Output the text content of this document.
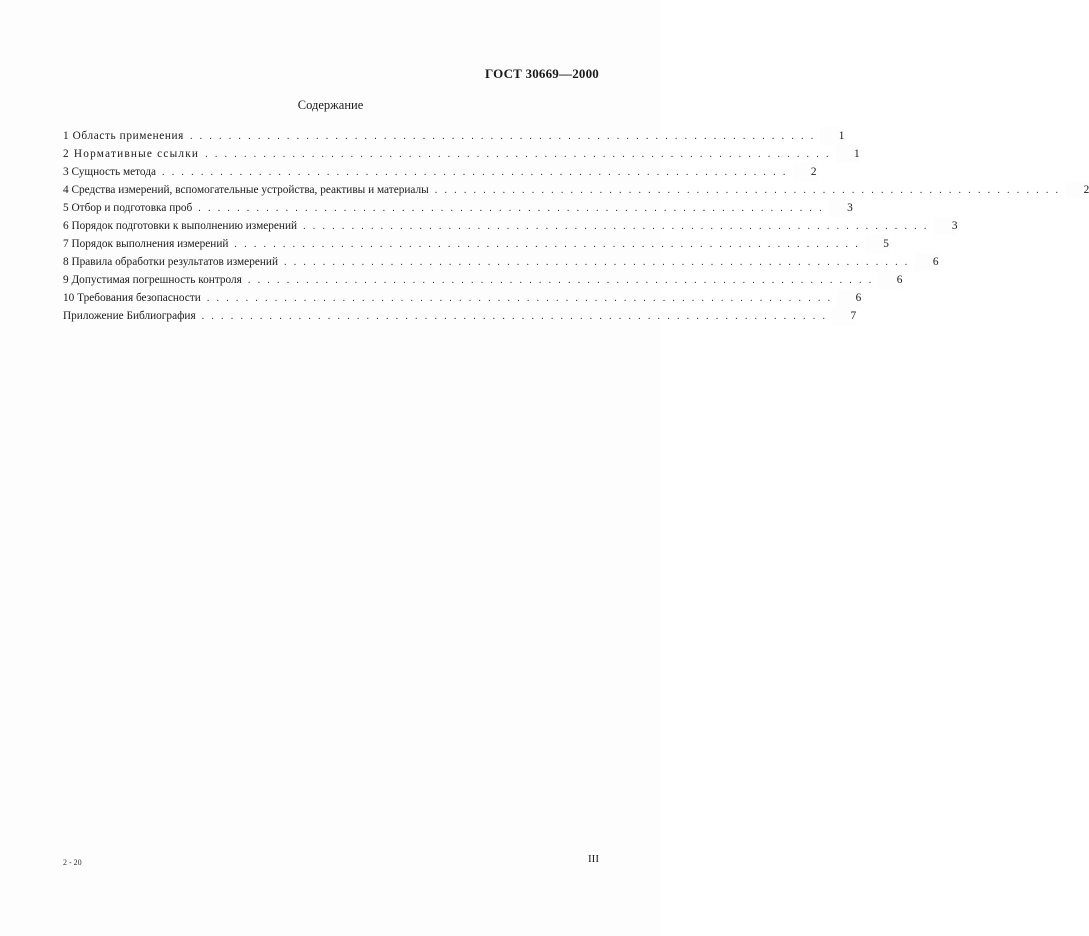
ГОСТ 30669—2000
Содержание
1 Область применения .................................................................	1
2 Нормативные ссылки .................................................................	1
3 Сущность метода .................................................................	2
4 Средства измерений, вспомогательные устройства, реактивы и материалы .................................................................	2
5 Отбор и подготовка проб .................................................................	3
6 Порядок подготовки к выполнению измерений .................................................................	3
7 Порядок выполнения измерений .................................................................	5
8 Правила обработки результатов измерений .................................................................	6
9 Допустимая погрешность контроля .................................................................	6
10 Требования безопасности .................................................................	6
Приложение Библиография .................................................................	7
2 - 20	III
